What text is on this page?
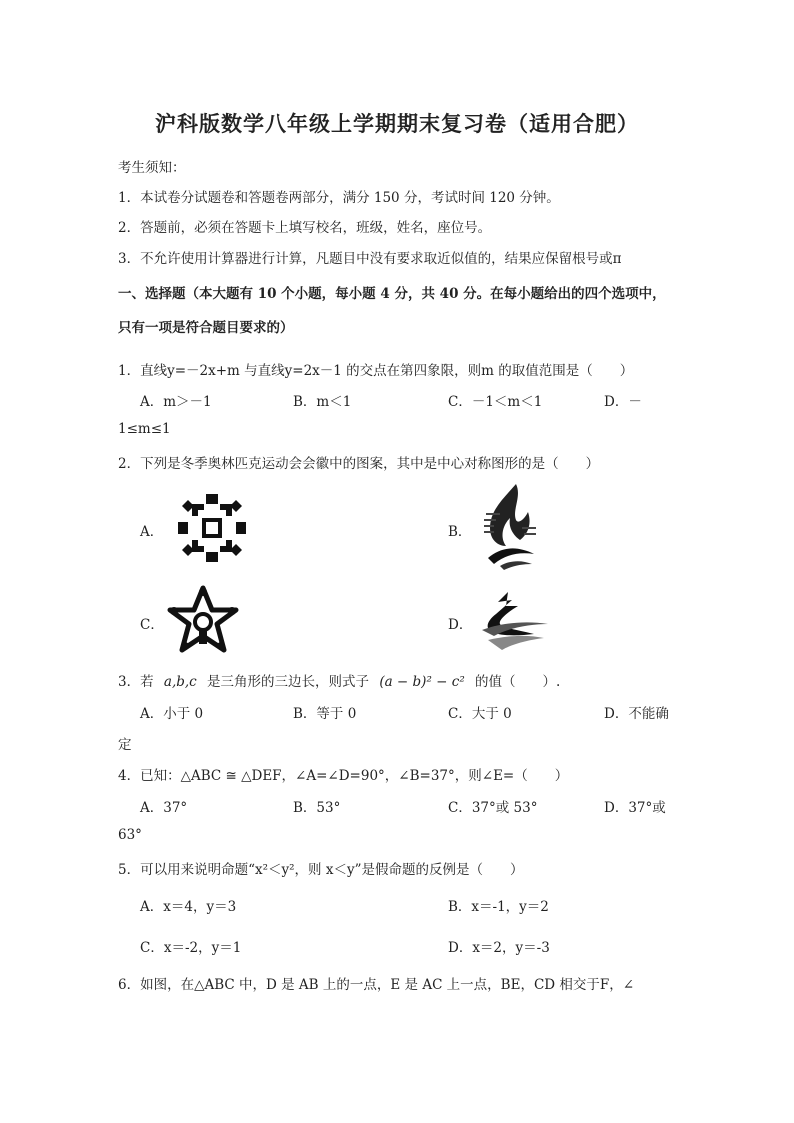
沪科版数学八年级上学期期末复习卷（适用合肥）
考生须知：
1．本试卷分试题卷和答题卷两部分，满分 150 分，考试时间 120 分钟。
2．答题前，必须在答题卡上填写校名，班级，姓名，座位号。
3．不允许使用计算器进行计算，凡题目中没有要求取近似值的，结果应保留根号或π
一、选择题（本大题有 10 个小题，每小题 4 分，共 40 分。在每小题给出的四个选项中，
只有一项是符合题目要求的）
1．直线y=－2x+m 与直线y=2x－1 的交点在第四象限，则m 的取值范围是（　　）
A．m＞－1	B．m＜1	C．－1＜m＜1	D．－
1≤m≤1
2．下列是冬季奥林匹克运动会会徽中的图案，其中是中心对称图形的是（　　）
A．	B．
C．	D．
3．若 a,b,c 是三角形的三边长，则式子 (a − b)² − c² 的值（　　）.
A．小于 0	B．等于 0	C．大于 0	D．不能确
定
4．已知：△ABC ≅ △DEF，∠A=∠D=90°，∠B=37°，则∠E=（　　）
A．37°	B．53°	C．37°或 53°	D．37°或
63°
5．可以用来说明命题“x²＜y²，则 x＜y”是假命题的反例是（　　）
A．x＝4，y＝3	B．x＝-1，y＝2
C．x＝-2，y＝1	D．x＝2，y＝-3
6．如图，在△ABC 中，D 是 AB 上的一点，E 是 AC 上一点，BE，CD 相交于F，∠
